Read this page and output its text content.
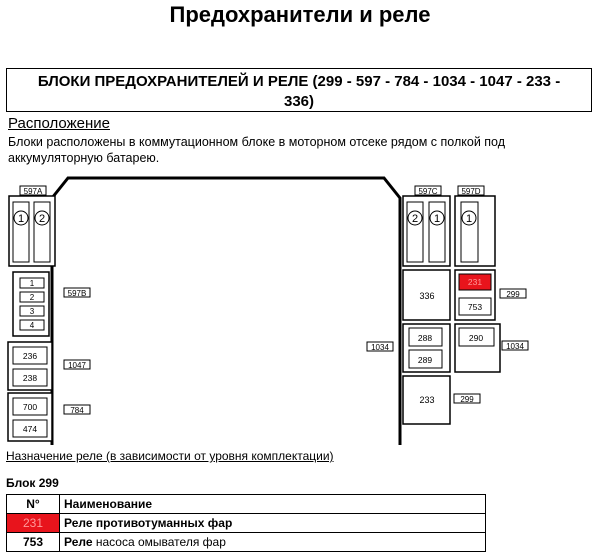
Предохранители и реле
БЛОКИ ПРЕДОХРАНИТЕЛЕЙ И РЕЛЕ (299 - 597 - 784 - 1034 - 1047 - 233 -
336)
Расположение
Блоки расположены в коммутационном блоке в моторном отсеке рядом с полкой под аккумуляторную батарею.
597A
1 2
1
2
3
4
597B
236
238
1047
700
474
784
597C
2 1
597D
1
336
231
753
299
288
289
1034
290
1034
233	299
Назначение реле (в зависимости от уровня комплектации)
Блок 299
N°	Наименование
231	Реле противотуманных фар
753	Реле насоса омывателя фар
